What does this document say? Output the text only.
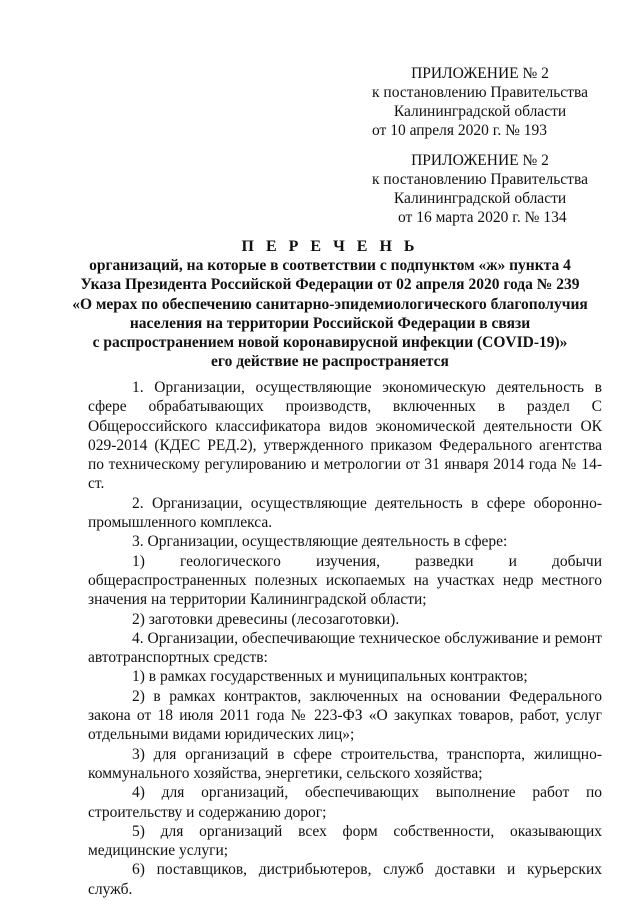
ПРИЛОЖЕНИЕ № 2
к постановлению Правительства
Калининградской области
от 10 апреля 2020 г. № 193
ПРИЛОЖЕНИЕ № 2
к постановлению Правительства
Калининградской области
от 16 марта 2020 г. № 134
П Е Р Е Ч Е Н Ь
организаций, на которые в соответствии с подпунктом «ж» пункта 4
Указа Президента Российской Федерации от 02 апреля 2020 года № 239
«О мерах по обеспечению санитарно-эпидемиологического благополучия
населения на территории Российской Федерации в связи
с распространением новой коронавирусной инфекции (COVID-19)»
его действие не распространяется

1. Организации, осуществляющие экономическую деятельность в сфере обрабатывающих производств, включенных в раздел С Общероссийского классификатора видов экономической деятельности ОК 029-2014 (КДЕС РЕД.2), утвержденного приказом Федерального агентства по техническому регулированию и метрологии от 31 января 2014 года № 14-ст.

2. Организации, осуществляющие деятельность в сфере оборонно-промышленного комплекса.

3. Организации, осуществляющие деятельность в сфере:

1) геологического изучения, разведки и добычи общераспространенных полезных ископаемых на участках недр местного значения на территории Калининградской области;

2) заготовки древесины (лесозаготовки).

4. Организации, обеспечивающие техническое обслуживание и ремонт автотранспортных средств:

1) в рамках государственных и муниципальных контрактов;

2) в рамках контрактов, заключенных на основании Федерального закона от 18 июля 2011 года № 223-ФЗ «О закупках товаров, работ, услуг отдельными видами юридических лиц»;

3) для организаций в сфере строительства, транспорта, жилищно-коммунального хозяйства, энергетики, сельского хозяйства;

4) для организаций, обеспечивающих выполнение работ по строительству и содержанию дорог;

5) для организаций всех форм собственности, оказывающих медицинские услуги;

6) поставщиков, дистрибьютеров, служб доставки и курьерских служб.
